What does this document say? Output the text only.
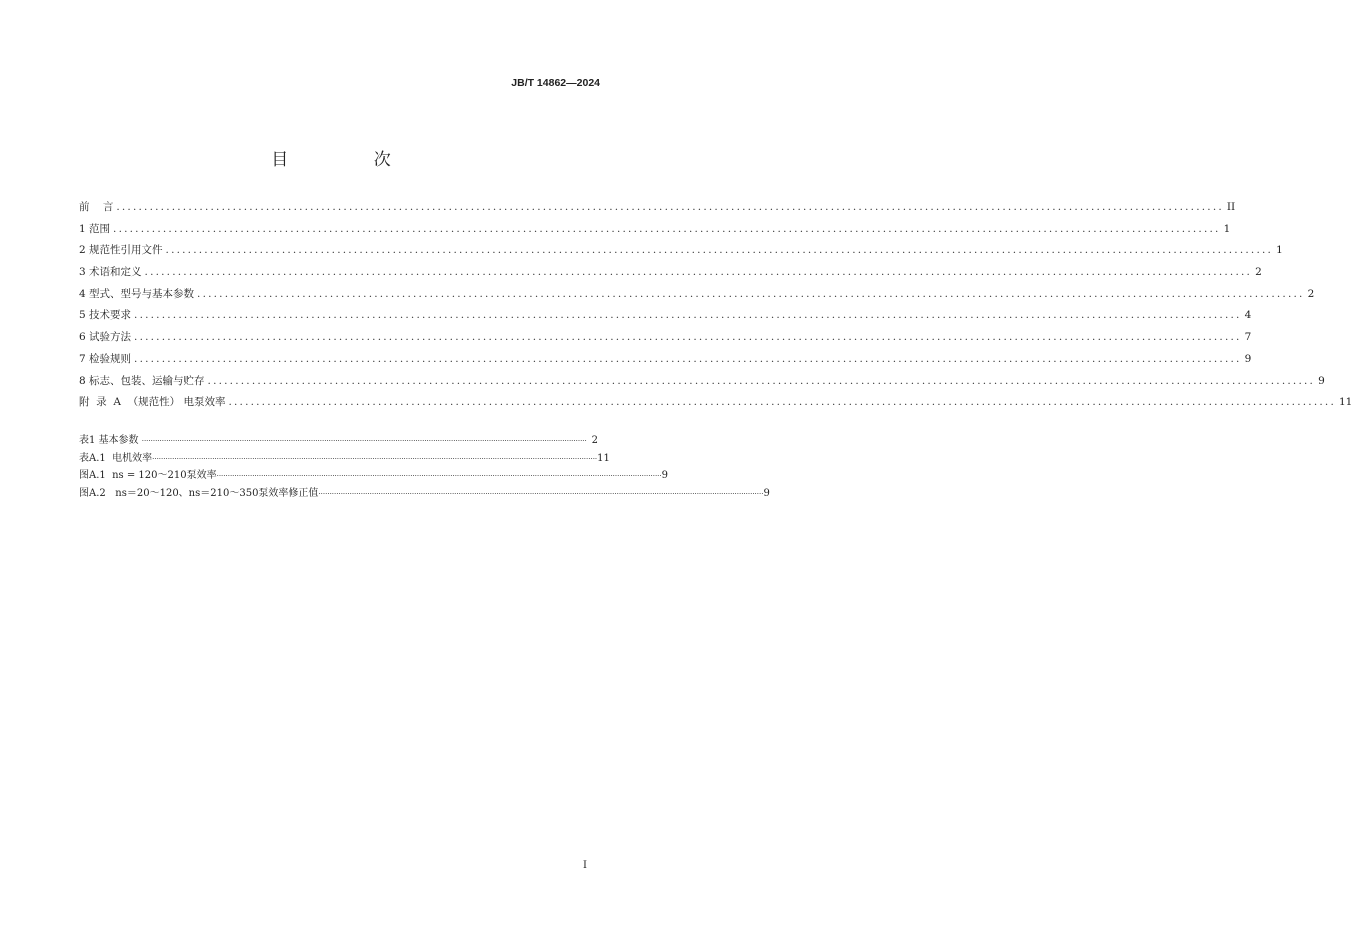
JB/T 14862—2024
目 次
前    言 ........................................................................................................................................................................................................ II
1 范围 ........................................................................................................................................................................................................ 1
2 规范性引用文件 ........................................................................................................................................................................................................ 1
3 术语和定义 ........................................................................................................................................................................................................ 2
4 型式、型号与基本参数 ........................................................................................................................................................................................................ 2
5 技术要求 ........................................................................................................................................................................................................ 4
6 试验方法 ........................................................................................................................................................................................................ 7
7 检验规则 ........................................................................................................................................................................................................ 9
8 标志、包装、运输与贮存 ........................................................................................................................................................................................................ 9
附  录  A  （规范性） 电泵效率 ........................................................................................................................................................................................................ 11
表1 基本参数 ········································································································································································································ 2
表A.1  电机效率 ········································································································································································································ 11
图A.1  ns = 120～210泵效率 ········································································································································································································ 9
图A.2   ns＝20～120、ns＝210～350泵效率修正值 ········································································································································································································ 9
I
